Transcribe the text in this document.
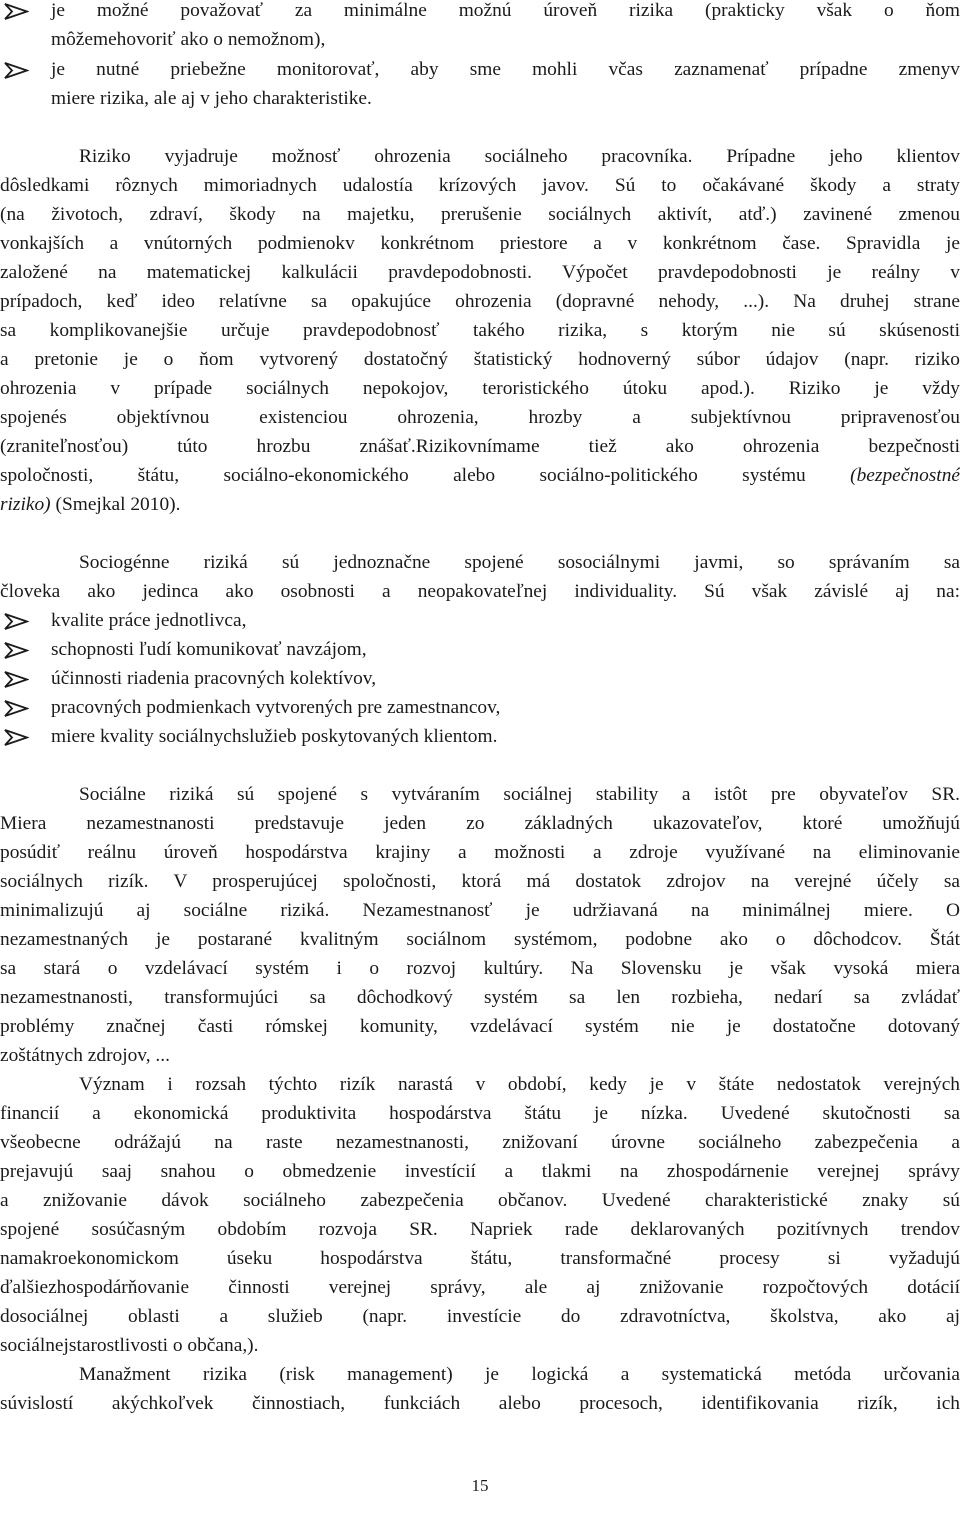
je možné považovať za minimálne možnú úroveň rizika (prakticky však o ňom
môžemehovoriť ako o nemožnom),
je nutné priebežne monitorovať, aby sme mohli včas zaznamenať prípadne zmenyv
miere rizika, ale aj v jeho charakteristike.
Riziko vyjadruje možnosť ohrozenia sociálneho pracovníka. Prípadne jeho klientov
dôsledkami rôznych mimoriadnych udalostía krízových javov. Sú to očakávané škody a straty
(na životoch, zdraví, škody na majetku, prerušenie sociálnych aktivít, atď.) zavinené zmenou
vonkajších a vnútorných podmienokv konkrétnom priestore a v konkrétnom čase. Spravidla je
založené na matematickej kalkulácii pravdepodobnosti. Výpočet pravdepodobnosti je reálny v
prípadoch, keď ideo relatívne sa opakujúce ohrozenia (dopravné nehody, ...). Na druhej strane
sa komplikovanejšie určuje pravdepodobnosť takého rizika, s ktorým nie sú skúsenosti
a pretonie je o ňom vytvorený dostatočný štatistický hodnoverný súbor údajov (napr. riziko
ohrozenia v prípade sociálnych nepokojov, teroristického útoku apod.). Riziko je vždy
spojenés objektívnou existenciou ohrozenia, hrozby a subjektívnou pripravenosťou
(zraniteľnosťou) túto hrozbu znášať.Rizikovnímame tiež ako ohrozenia bezpečnosti
spoločnosti, štátu, sociálno-ekonomického alebo sociálno-politického systému (bezpečnostné
riziko) (Smejkal 2010).
Sociogénne riziká sú jednoznačne spojené sosociálnymi javmi, so správaním sa
človeka ako jedinca ako osobnosti a neopakovateľnej individuality. Sú však závislé aj na:
kvalite práce jednotlivca,
schopnosti ľudí komunikovať navzájom,
účinnosti riadenia pracovných kolektívov,
pracovných podmienkach vytvorených pre zamestnancov,
miere kvality sociálnychslužieb poskytovaných klientom.
Sociálne riziká sú spojené s vytváraním sociálnej stability a istôt pre obyvateľov SR.
Miera nezamestnanosti predstavuje jeden zo základných ukazovateľov, ktoré umožňujú
posúdiť reálnu úroveň hospodárstva krajiny a možnosti a zdroje využívané na eliminovanie
sociálnych rizík. V prosperujúcej spoločnosti, ktorá má dostatok zdrojov na verejné účely sa
minimalizujú aj sociálne riziká. Nezamestnanosť je udržiavaná na minimálnej miere. O
nezamestnaných je postarané kvalitným sociálnom systémom, podobne ako o dôchodcov. Štát
sa stará o vzdelávací systém i o rozvoj kultúry. Na Slovensku je však vysoká miera
nezamestnanosti, transformujúci sa dôchodkový systém sa len rozbieha, nedarí sa zvládať
problémy značnej časti rómskej komunity, vzdelávací systém nie je dostatočne dotovaný
zoštátnych zdrojov, ...
Význam i rozsah týchto rizík narastá v období, kedy je v štáte nedostatok verejných
financií a ekonomická produktivita hospodárstva štátu je nízka. Uvedené skutočnosti sa
všeobecne odrážajú na raste nezamestnanosti, znižovaní úrovne sociálneho zabezpečenia a
prejavujú saaj snahou o obmedzenie investícií a tlakmi na zhospodárnenie verejnej správy
a znižovanie dávok sociálneho zabezpečenia občanov. Uvedené charakteristické znaky sú
spojené sosúčasným obdobím rozvoja SR. Napriek rade deklarovaných pozitívnych trendov
namakroekonomickom úseku hospodárstva štátu, transformačné procesy si vyžadujú
ďalšiezhospodárňovanie činnosti verejnej správy, ale aj znižovanie rozpočtových dotácií
dosociálnej oblasti a služieb (napr. investície do zdravotníctva, školstva, ako aj
sociálnejstarostlivosti o občana,).
Manažment rizika (risk management) je logická a systematická metóda určovania
súvislostí akýchkoľvek činnostiach, funkciách alebo procesoch, identifikovania rizík, ich
15
